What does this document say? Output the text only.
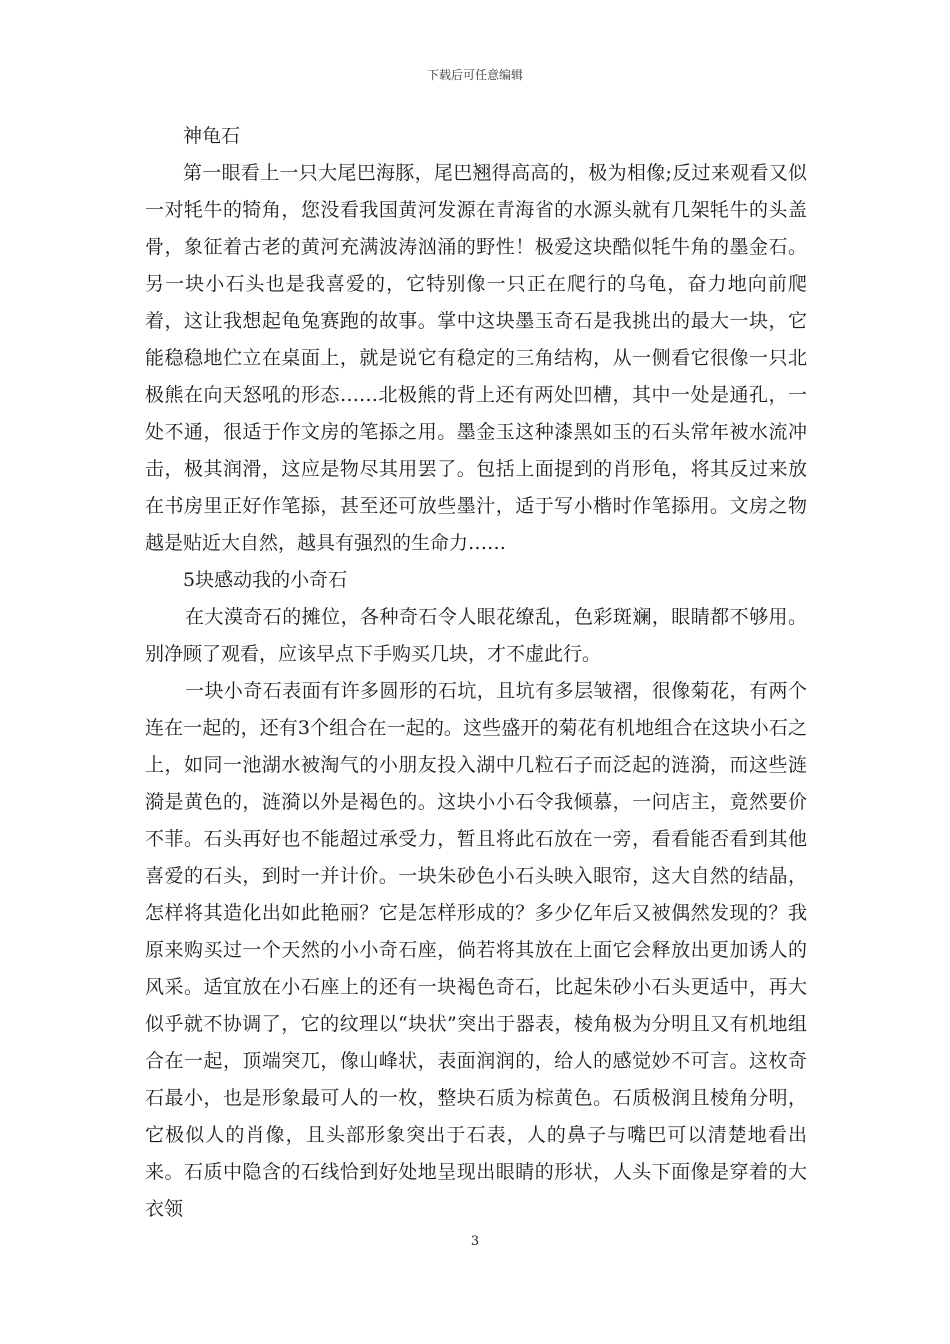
下载后可任意编辑

神龟石

第一眼看上一只大尾巴海豚，尾巴翘得高高的，极为相像;反过来观看又似一对牦牛的犄角，您没看我国黄河发源在青海省的水源头就有几架牦牛的头盖骨，象征着古老的黄河充满波涛汹涌的野性！极爱这块酷似牦牛角的墨金石。另一块小石头也是我喜爱的，它特别像一只正在爬行的乌龟，奋力地向前爬着，这让我想起龟兔赛跑的故事。掌中这块墨玉奇石是我挑出的最大一块，它能稳稳地伫立在桌面上，就是说它有稳定的三角结构，从一侧看它很像一只北极熊在向天怒吼的形态……北极熊的背上还有两处凹槽，其中一处是通孔，一处不通，很适于作文房的笔掭之用。墨金玉这种漆黑如玉的石头常年被水流冲击，极其润滑，这应是物尽其用罢了。包括上面提到的肖形龟，将其反过来放在书房里正好作笔掭，甚至还可放些墨汁，适于写小楷时作笔掭用。文房之物越是贴近大自然，越具有强烈的生命力……

5块感动我的小奇石

在大漠奇石的摊位，各种奇石令人眼花缭乱，色彩斑斓，眼睛都不够用。别净顾了观看，应该早点下手购买几块，才不虚此行。

一块小奇石表面有许多圆形的石坑，且坑有多层皱褶，很像菊花，有两个连在一起的，还有3个组合在一起的。这些盛开的菊花有机地组合在这块小石之上，如同一池湖水被淘气的小朋友投入湖中几粒石子而泛起的涟漪，而这些涟漪是黄色的，涟漪以外是褐色的。这块小小石令我倾慕，一问店主，竟然要价不菲。石头再好也不能超过承受力，暂且将此石放在一旁，看看能否看到其他喜爱的石头，到时一并计价。一块朱砂色小石头映入眼帘，这大自然的结晶，怎样将其造化出如此艳丽？它是怎样形成的？多少亿年后又被偶然发现的？我原来购买过一个天然的小小奇石座，倘若将其放在上面它会释放出更加诱人的风采。适宜放在小石座上的还有一块褐色奇石，比起朱砂小石头更适中，再大似乎就不协调了，它的纹理以“块状”突出于器表，棱角极为分明且又有机地组合在一起，顶端突兀，像山峰状，表面润润的，给人的感觉妙不可言。这枚奇石最小，也是形象最可人的一枚，整块石质为棕黄色。石质极润且棱角分明，它极似人的肖像，且头部形象突出于石表，人的鼻子与嘴巴可以清楚地看出来。石质中隐含的石线恰到好处地呈现出眼睛的形状，人头下面像是穿着的大衣领

3
